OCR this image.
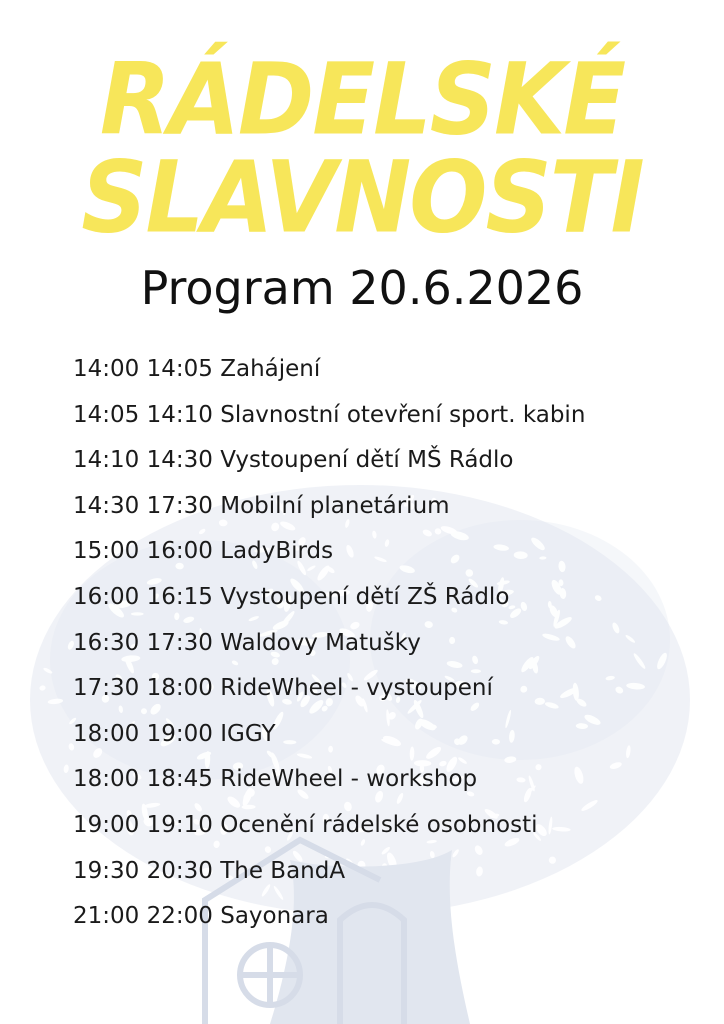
RÁDELSKÉ
SLAVNOSTI
Program 20.6.2026
14:00 14:05 Zahájení
14:05 14:10 Slavnostní otevření sport. kabin
14:10 14:30 Vystoupení dětí MŠ Rádlo
14:30 17:30 Mobilní planetárium
15:00 16:00 LadyBirds
16:00 16:15 Vystoupení dětí ZŠ Rádlo
16:30 17:30 Waldovy Matušky
17:30 18:00 RideWheel - vystoupení
18:00 19:00 IGGY
18:00 18:45 RideWheel - workshop
19:00 19:10 Ocenění rádelské osobnosti
19:30 20:30 The BandA
21:00 22:00 Sayonara
